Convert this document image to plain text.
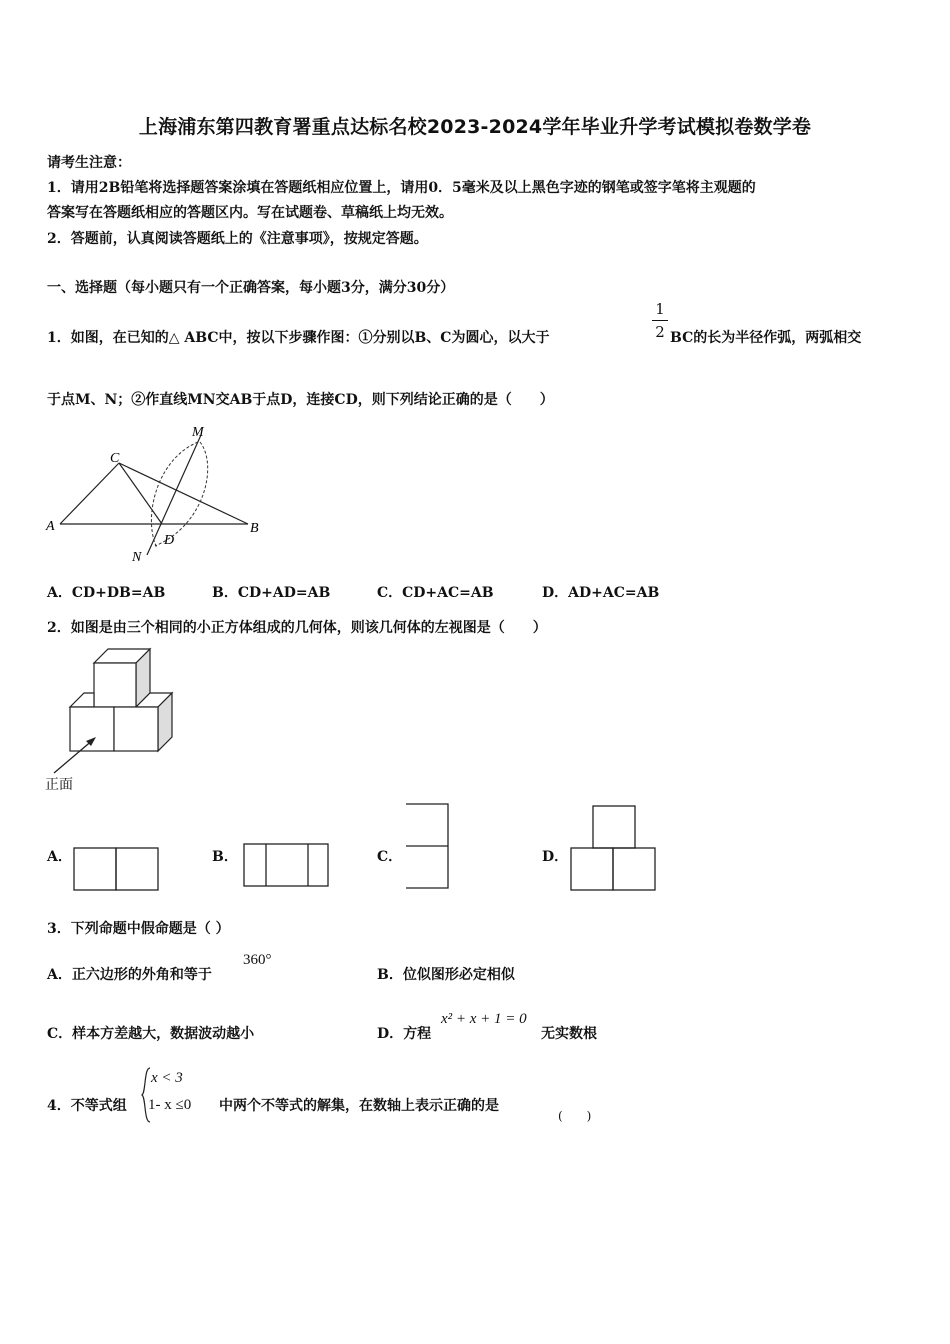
上海浦东第四教育署重点达标名校2023-2024学年毕业升学考试模拟卷数学卷
请考生注意：
1．请用2B铅笔将选择题答案涂填在答题纸相应位置上，请用0．5毫米及以上黑色字迹的钢笔或签字笔将主观题的
答案写在答题纸相应的答题区内。写在试题卷、草稿纸上均无效。
2．答题前，认真阅读答题纸上的《注意事项》，按规定答题。
一、选择题（每小题只有一个正确答案，每小题3分，满分30分）
1．如图，在已知的△ ABC中，按以下步骤作图：①分别以B、C为圆心，以大于
1
2 BC的长为半径作弧，两弧相交
于点M、N；②作直线MN交AB于点D，连接CD，则下列结论正确的是（　　）
C
A	B
D
M
N
A．CD+DB=AB	B．CD+AD=AB	C．CD+AC=AB	D．AD+AC=AB
2．如图是由三个相同的小正方体组成的几何体，则该几何体的左视图是（　　）
正面
A．	B．	C．	D．
3．下列命题中假命题是（ ）
A．正六边形的外角和等于
360°
B．位似图形必定相似
C．样本方差越大，数据波动越小	D．方程
x² + x + 1 = 0
无实数根
4．不等式组
x < 3
1- x ≤0 中两个不等式的解集，在数轴上表示正确的是
(　　)
